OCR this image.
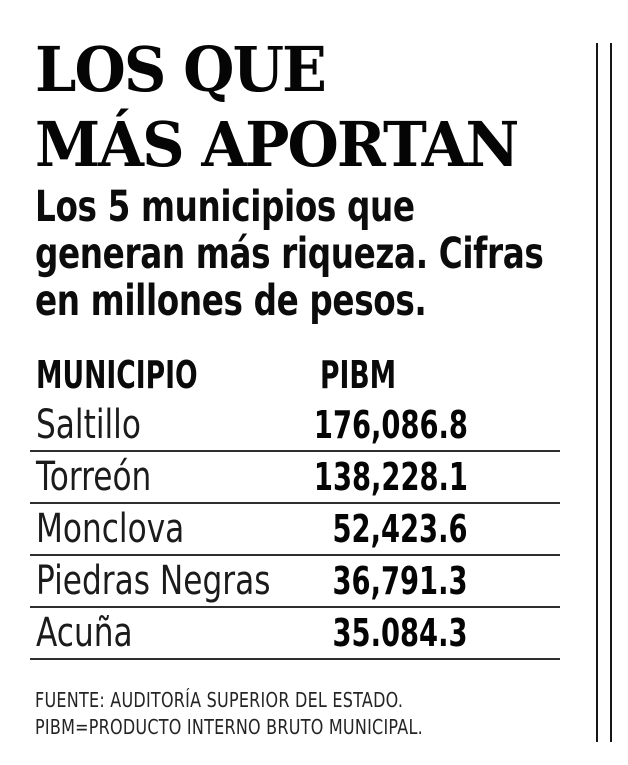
LOS QUE
MÁS APORTAN
Los 5 municipios que
generan más riqueza. Cifras
en millones de pesos.
MUNICIPIO	PIBM
Saltillo	176,086.8
Torreón	138,228.1
Monclova	52,423.6
Piedras Negras 36,791.3
Acuña	35.084.3
FUENTE: AUDITORÍA SUPERIOR DEL ESTADO.
PIBM=PRODUCTO INTERNO BRUTO MUNICIPAL.
